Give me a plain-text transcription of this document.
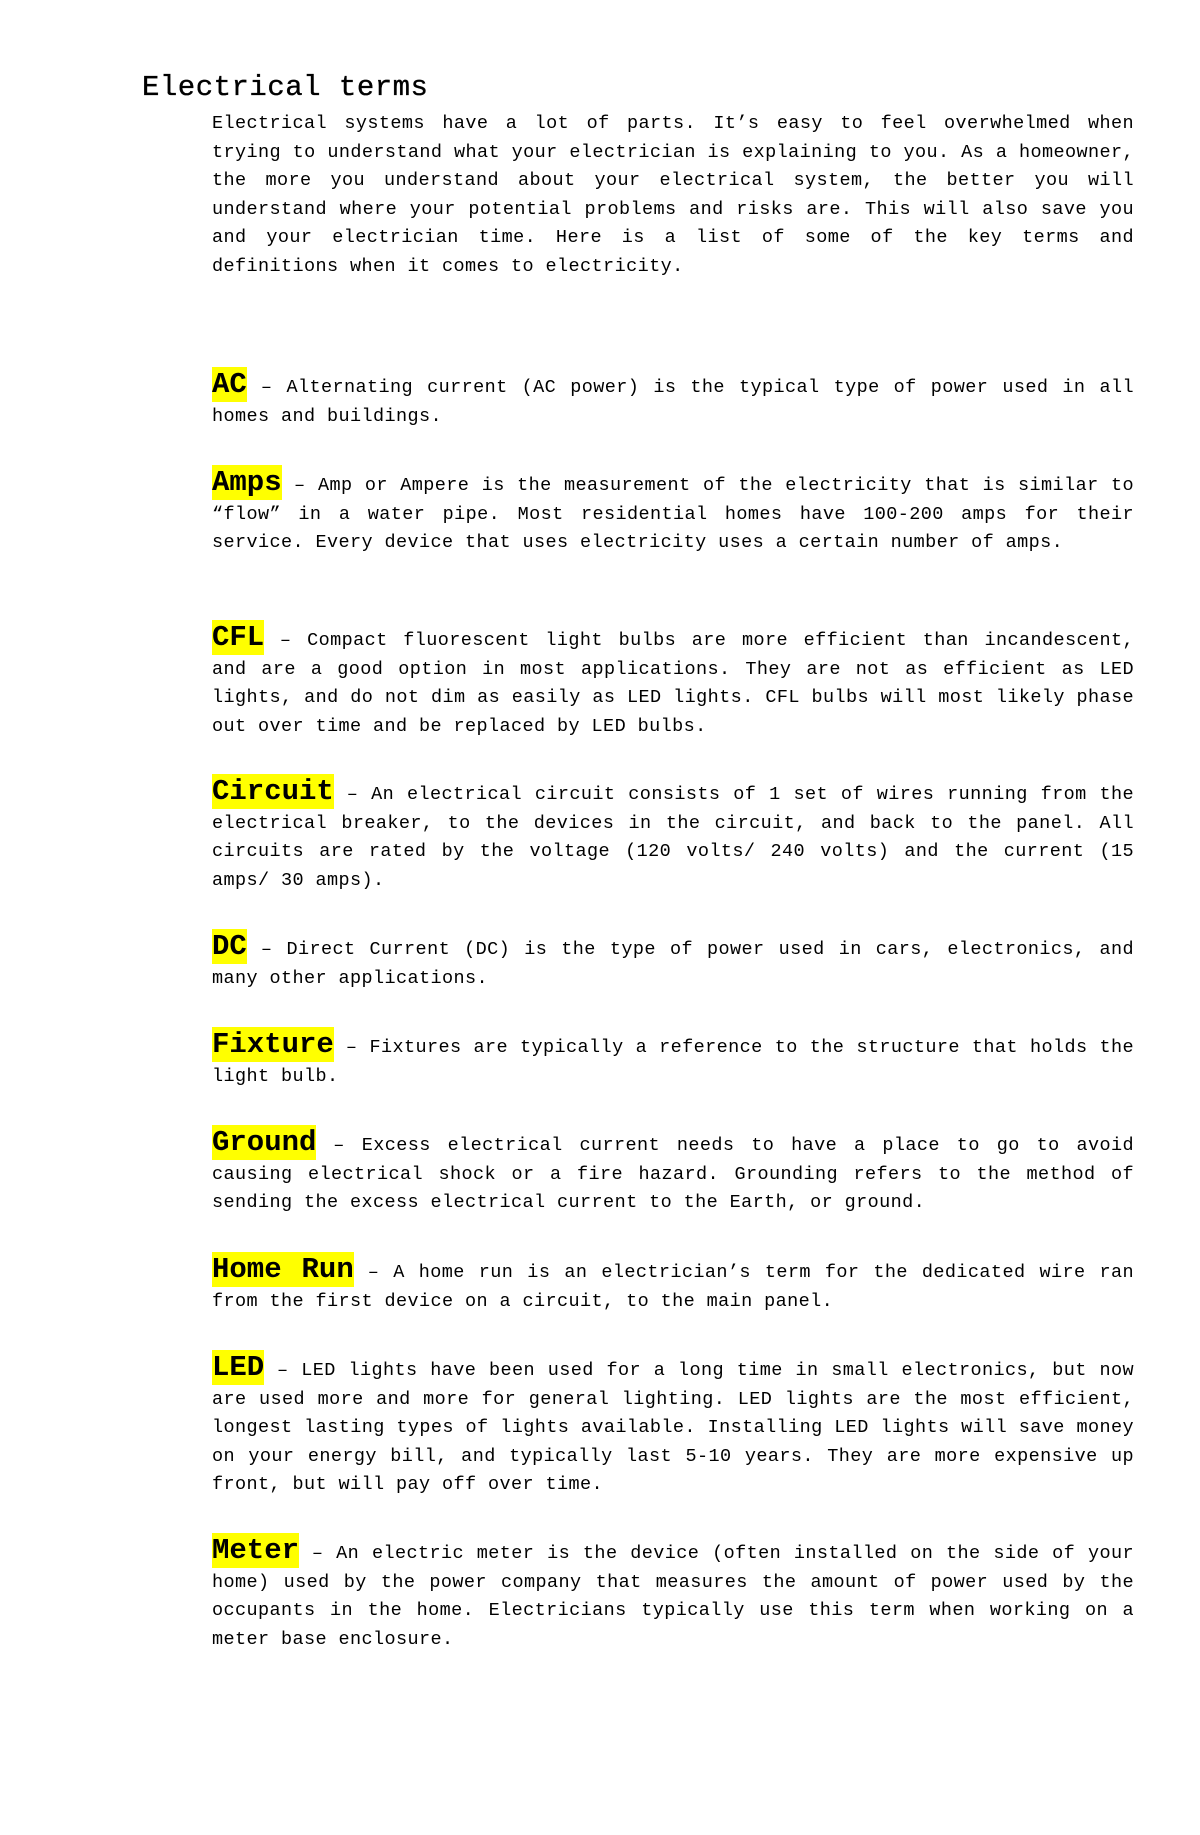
Electrical terms

Electrical systems have a lot of parts. It’s easy to feel overwhelmed when trying to understand what your electrician is explaining to you. As a homeowner, the more you understand about your electrical system, the better you will understand where your potential problems and risks are. This will also save you and your electrician time. Here is a list of some of the key terms and definitions when it comes to electricity.

AC – Alternating current (AC power) is the typical type of power used in all homes and buildings.

Amps – Amp or Ampere is the measurement of the electricity that is similar to “flow” in a water pipe. Most residential homes have 100-200 amps for their service. Every device that uses electricity uses a certain number of amps.

CFL – Compact fluorescent light bulbs are more efficient than incandescent, and are a good option in most applications. They are not as efficient as LED lights, and do not dim as easily as LED lights. CFL bulbs will most likely phase out over time and be replaced by LED bulbs.

Circuit – An electrical circuit consists of 1 set of wires running from the electrical breaker, to the devices in the circuit, and back to the panel. All circuits are rated by the voltage (120 volts/ 240 volts) and the current (15 amps/ 30 amps).

DC – Direct Current (DC) is the type of power used in cars, electronics, and many other applications.

Fixture – Fixtures are typically a reference to the structure that holds the light bulb.

Ground – Excess electrical current needs to have a place to go to avoid causing electrical shock or a fire hazard. Grounding refers to the method of sending the excess electrical current to the Earth, or ground.

Home Run – A home run is an electrician’s term for the dedicated wire ran from the first device on a circuit, to the main panel.

LED – LED lights have been used for a long time in small electronics, but now are used more and more for general lighting. LED lights are the most efficient, longest lasting types of lights available. Installing LED lights will save money on your energy bill, and typically last 5-10 years. They are more expensive up front, but will pay off over time.

Meter – An electric meter is the device (often installed on the side of your home) used by the power company that measures the amount of power used by the occupants in the home. Electricians typically use this term when working on a meter base enclosure.
